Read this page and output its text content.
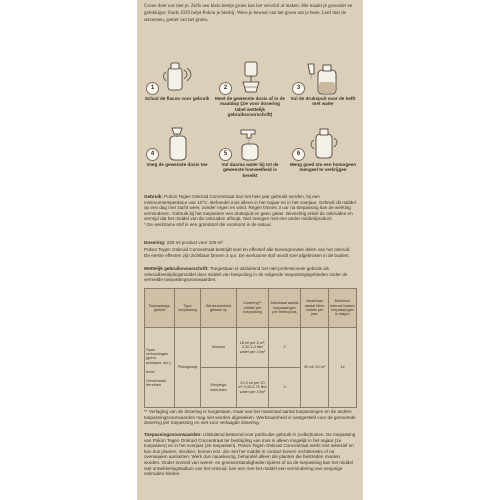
Groen doet wat met je. Zelfs een klein beetje groen kan het verschil al maken. Het maakt je gezonder en gelukkiger. Sinds 1929 helpt Pokon je hierbij. Wees je bewust van het groen om je heen. Leef met de seizoenen, geniet van het groen.

1
Schud de flacon voor gebruik
2
Meet de gewenste dosis af in de maatdop (zie voor dosering tabel wettelijk gebruiksvoorschrift)
3
Vul de drukspuit voor de helft met water
4
Voeg de gewenste dosis toe
5
Vul daarna water bij tot de gewenste hoeveelheid is bereikt
6
Meng goed om een homogeen mengsel te verkrijgen

Gebruik: Pokon Tegen Onkruid Concentraat kan het hele jaar gebruikt worden, bij een minimumtemperatuur van 10°C. Behandel mos alleen in het najaar en in het voorjaar. Gebruik dit middel op een dag met zacht weer, zonder regen en wind. Regen binnen 3 uur na toepassing kan de werking verminderen. Gebruik bij het toepassen een drukspuit en geen gieter. Bevochtig enkel de onkruiden en vermijd dat het middel van de onkruiden afloopt. Niet mengen met een ander middel/product.
* De werkzame stof is een grondstof die voorkomt in de natuur.

Dosering: 225 ml product voor 100 m²

Pokon Tegen Onkruid Concentraat bestrijdt snel en effectief alle bovengrondse delen van het onkruid. De eerste effecten zijn zichtbaar binnen 3 uur. De werkzame stof wordt snel afgebroken in de bodem.

Wettelijk gebruiksvoorschrift: Toegestaan is uitsluitend het niet-professionele gebruik als onkruidbestrijdingsmiddel door middel van bespuiting in de volgende toepassingsgebieden onder de vermelde toepassingsvoorwaarden:

Toepassings-gebied	Type toepassing	Werkzaamheid gebaat op	Dosering** middel per toepassing	Maximaal aantal toepassingen per teeltcyclus	Maximaal aantal liters middel per jaar	Minimum interval tussen toepassingen in dagen
Open verhardingen (grind, schelpen, etc.)

en/of

Onverharde terreinen	Pleksgewijs	Mossen	18 ml per 8 m², 0,30-1,0 liter water per 10m²	2	90 ml/ 10 m²	14
		Eenjarige onkruiden	22,5 ml per 10 m² 0,30-0,75 liter water per 10m²	4		

** Verlaging van de dosering is toegestaan, maar van het maximaal aantal toepassingen en de andere toepassingsvoorwaarden mag niet worden afgeweken. Werkzaamheid is vastgesteld voor de genoemde dosering per toepassing en niet voor verlaagde dosering.

Toepassingsvoorwaarden: Uitsluitend bestemd voor particulier gebruik in (volks)tuinen. De toepassing van Pokon Tegen Onkruid Concentraat ter bestrijding van mos is alleen mogelijk in het najaar (1e toepassen) en in het voorjaar (2e toepassen). Pokon Tegen Onkruid Concentraat werkt niet selectief en kan dus planten, struiken, bomen enz. die met het middel in contact komen rechtstreeks of na overwaaien aantasten. Werk dus nauwkeurig, behandel alleen die planten die bestreden moeten worden. Onder invloed van weers- en groeiomstandigheden tijdens of na de toepassing kan het middel niet ontwikkelingstadium van het onkruid, kan een met het middel een vermindering van eenjarige onkruiden bieden.
